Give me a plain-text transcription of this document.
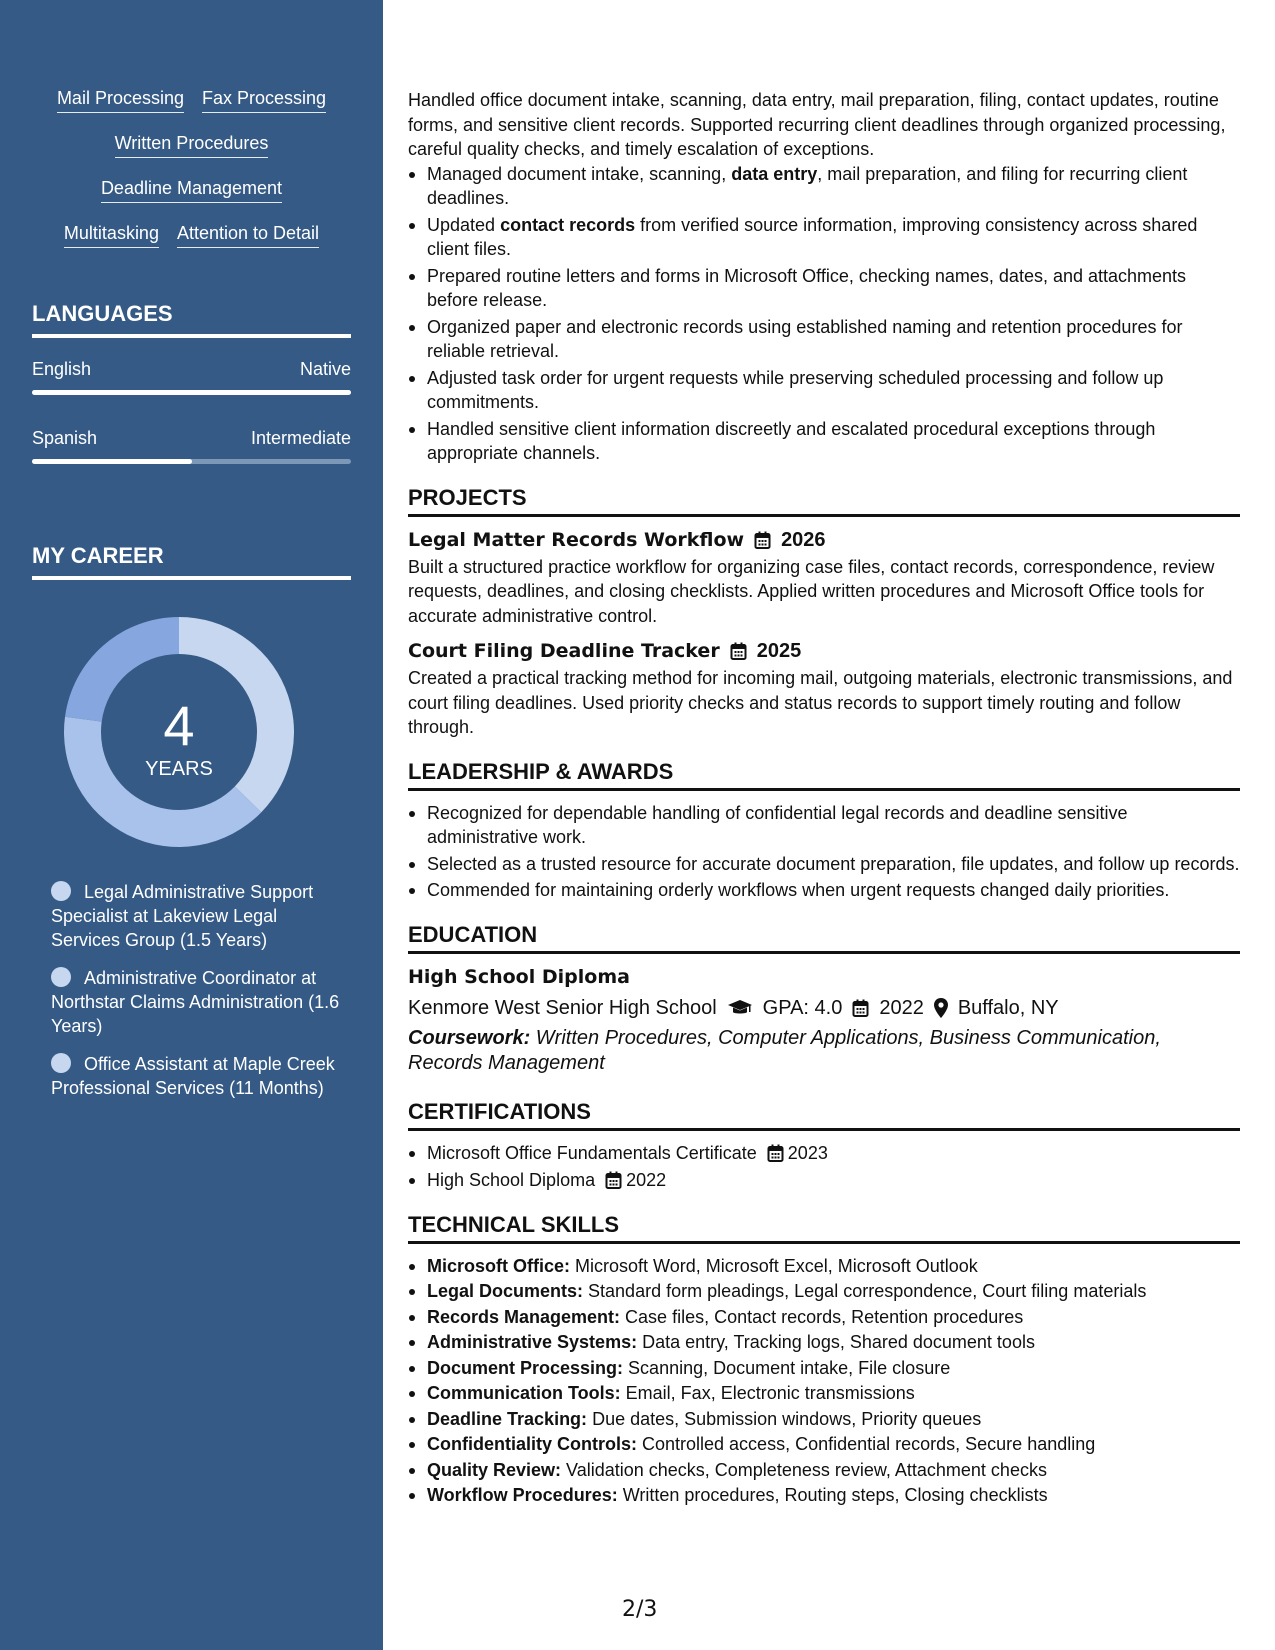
Mail Processing Fax Processing
Written Procedures
Deadline Management
Multitasking Attention to Detail
LANGUAGES
English	Native
Spanish	Intermediate
MY CAREER
4
YEARS
Legal Administrative Support Specialist at Lakeview Legal Services Group (1.5 Years)
Administrative Coordinator at Northstar Claims Administration (1.6 Years)
Office Assistant at Maple Creek Professional Services (11 Months)

Handled office document intake, scanning, data entry, mail preparation, filing, contact updates, routine forms, and sensitive client records. Supported recurring client deadlines through organized processing, careful quality checks, and timely escalation of exceptions.

Managed document intake, scanning, data entry, mail preparation, and filing for recurring client deadlines.
Updated contact records from verified source information, improving consistency across shared client files.
Prepared routine letters and forms in Microsoft Office, checking names, dates, and attachments before release.
Organized paper and electronic records using established naming and retention procedures for reliable retrieval.
Adjusted task order for urgent requests while preserving scheduled processing and follow up commitments.
Handled sensitive client information discreetly and escalated procedural exceptions through appropriate channels.
PROJECTS
Legal Matter Records Workflow 2026

Built a structured practice workflow for organizing case files, contact records, correspondence, review requests, deadlines, and closing checklists. Applied written procedures and Microsoft Office tools for accurate administrative control.

Court Filing Deadline Tracker 2025

Created a practical tracking method for incoming mail, outgoing materials, electronic transmissions, and court filing deadlines. Used priority checks and status records to support timely routing and follow through.

LEADERSHIP & AWARDS
Recognized for dependable handling of confidential legal records and deadline sensitive administrative work.
Selected as a trusted resource for accurate document preparation, file updates, and follow up records.
Commended for maintaining orderly workflows when urgent requests changed daily priorities.
EDUCATION
High School Diploma
Kenmore West Senior High School GPA: 4.0 2022 Buffalo, NY

Coursework: Written Procedures, Computer Applications, Business Communication, Records Management

CERTIFICATIONS
Microsoft Office Fundamentals Certificate 2023
High School Diploma 2022
TECHNICAL SKILLS
Microsoft Office: Microsoft Word, Microsoft Excel, Microsoft Outlook
Legal Documents: Standard form pleadings, Legal correspondence, Court filing materials
Records Management: Case files, Contact records, Retention procedures
Administrative Systems: Data entry, Tracking logs, Shared document tools
Document Processing: Scanning, Document intake, File closure
Communication Tools: Email, Fax, Electronic transmissions
Deadline Tracking: Due dates, Submission windows, Priority queues
Confidentiality Controls: Controlled access, Confidential records, Secure handling
Quality Review: Validation checks, Completeness review, Attachment checks
Workflow Procedures: Written procedures, Routing steps, Closing checklists
2/3
